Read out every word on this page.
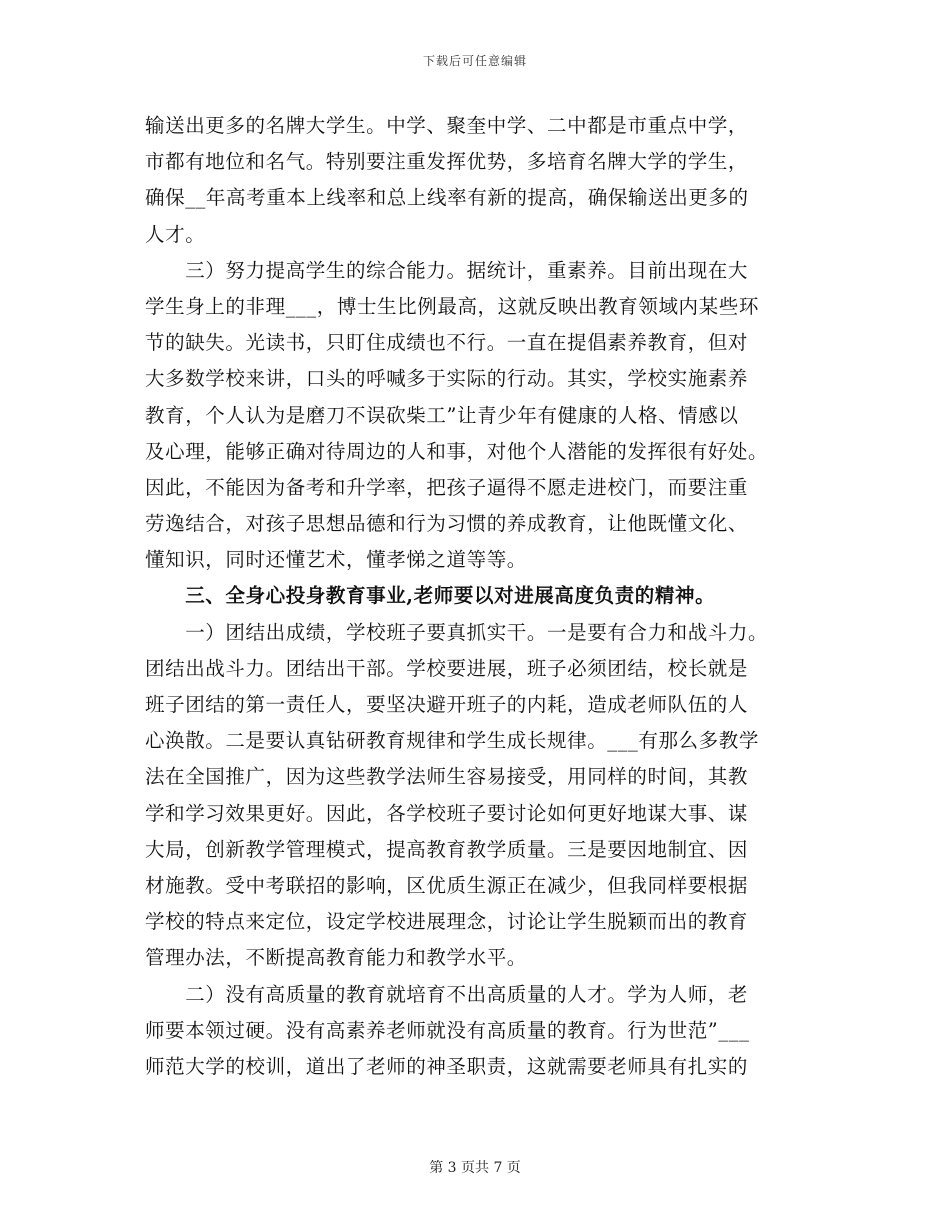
下载后可任意编辑
输送出更多的名牌大学生。中学、聚奎中学、二中都是市重点中学，
市都有地位和名气。特别要注重发挥优势，多培育名牌大学的学生，
确保__年高考重本上线率和总上线率有新的提高，确保输送出更多的
人才。
　　三）努力提高学生的综合能力。据统计，重素养。目前出现在大
学生身上的非理___，博士生比例最高，这就反映出教育领域内某些环
节的缺失。光读书，只盯住成绩也不行。一直在提倡素养教育，但对
大多数学校来讲，口头的呼喊多于实际的行动。其实，学校实施素养
教育，个人认为是磨刀不误砍柴工”让青少年有健康的人格、情感以
及心理，能够正确对待周边的人和事，对他个人潜能的发挥很有好处。
因此，不能因为备考和升学率，把孩子逼得不愿走进校门，而要注重
劳逸结合，对孩子思想品德和行为习惯的养成教育，让他既懂文化、
懂知识，同时还懂艺术，懂孝悌之道等等。
　　三、全身心投身教育事业,老师要以对进展高度负责的精神。
　　一）团结出成绩，学校班子要真抓实干。一是要有合力和战斗力。
团结出战斗力。团结出干部。学校要进展，班子必须团结，校长就是
班子团结的第一责任人，要坚决避开班子的内耗，造成老师队伍的人
心涣散。二是要认真钻研教育规律和学生成长规律。___有那么多教学
法在全国推广，因为这些教学法师生容易接受，用同样的时间，其教
学和学习效果更好。因此，各学校班子要讨论如何更好地谋大事、谋
大局，创新教学管理模式，提高教育教学质量。三是要因地制宜、因
材施教。受中考联招的影响，区优质生源正在减少，但我同样要根据
学校的特点来定位，设定学校进展理念，讨论让学生脱颖而出的教育
管理办法，不断提高教育能力和教学水平。
　　二）没有高质量的教育就培育不出高质量的人才。学为人师，老
师要本领过硬。没有高素养老师就没有高质量的教育。行为世范”___
师范大学的校训，道出了老师的神圣职责，这就需要老师具有扎实的
第 3 页共 7 页
